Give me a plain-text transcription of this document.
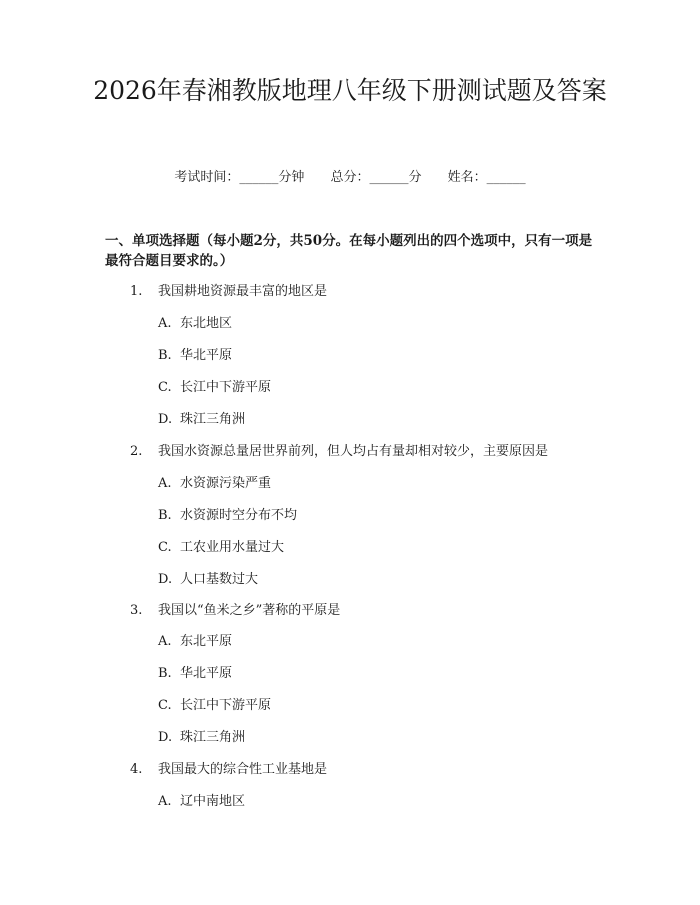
2026年春湘教版地理八年级下册测试题及答案
考试时间：______分钟 总分：______分 姓名：______

一、单项选择题（每小题2分，共50分。在每小题列出的四个选项中，只有一项是最符合题目要求的。）

1. 我国耕地资源最丰富的地区是
A. 东北地区
B. 华北平原
C. 长江中下游平原
D. 珠江三角洲
2. 我国水资源总量居世界前列，但人均占有量却相对较少，主要原因是
A. 水资源污染严重
B. 水资源时空分布不均
C. 工农业用水量过大
D. 人口基数过大
3. 我国以“鱼米之乡”著称的平原是
A. 东北平原
B. 华北平原
C. 长江中下游平原
D. 珠江三角洲
4. 我国最大的综合性工业基地是
A. 辽中南地区
